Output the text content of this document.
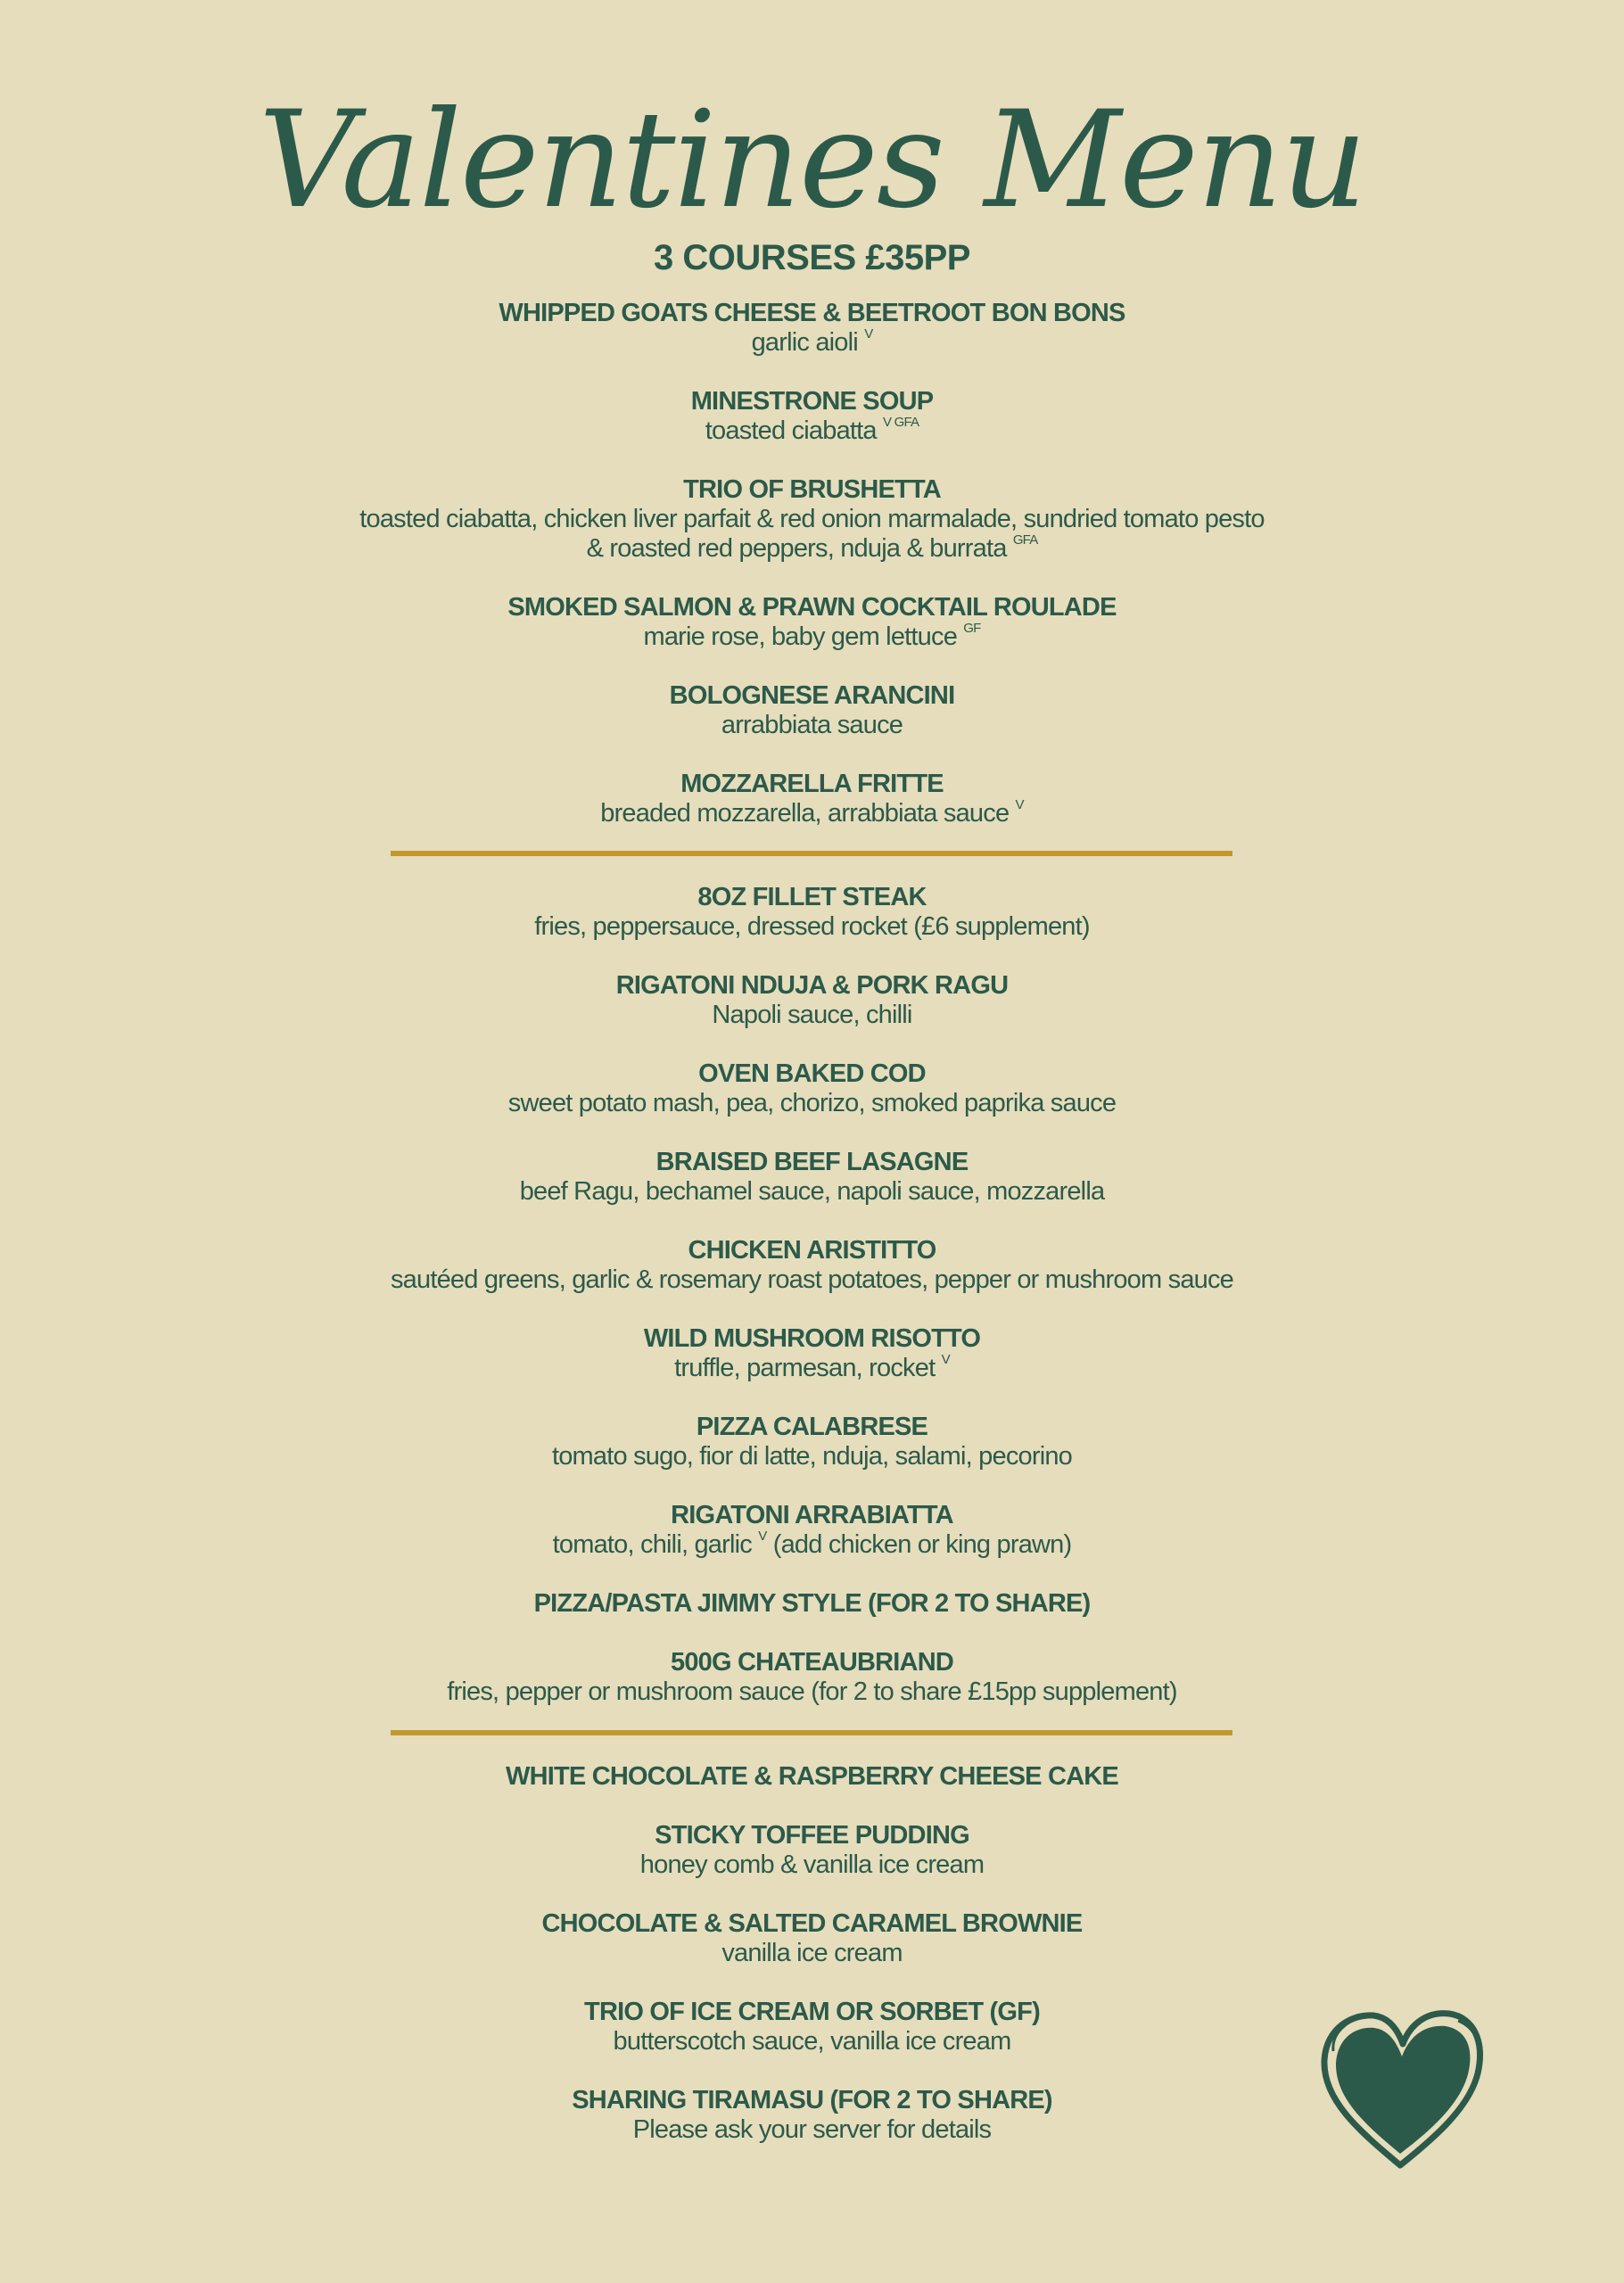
Valentines Menu
3 COURSES £35PP
WHIPPED GOATS CHEESE & BEETROOT BON BONS
garlic aioli $^V$
MINESTRONE SOUP
toasted ciabatta $^{V GFA}$
TRIO OF BRUSHETTA
toasted ciabatta, chicken liver parfait & red onion marmalade, sundried tomato pesto
& roasted red peppers, nduja & burrata $^{GFA}$
SMOKED SALMON & PRAWN COCKTAIL ROULADE
marie rose, baby gem lettuce $^{GF}$
BOLOGNESE ARANCINI
arrabbiata sauce
MOZZARELLA FRITTE
breaded mozzarella, arrabbiata sauce $^V$
8OZ FILLET STEAK
fries, peppersauce, dressed rocket (£6 supplement)
RIGATONI NDUJA & PORK RAGU
Napoli sauce, chilli
OVEN BAKED COD
sweet potato mash, pea, chorizo, smoked paprika sauce
BRAISED BEEF LASAGNE
beef Ragu, bechamel sauce, napoli sauce, mozzarella
CHICKEN ARISTITTO
sautéed greens, garlic & rosemary roast potatoes, pepper or mushroom sauce
WILD MUSHROOM RISOTTO
truffle, parmesan, rocket $^V$
PIZZA CALABRESE
tomato sugo, fior di latte, nduja, salami, pecorino
RIGATONI ARRABIATTA
tomato, chili, garlic $^V$ (add chicken or king prawn)
PIZZA/PASTA JIMMY STYLE (FOR 2 TO SHARE)
500G CHATEAUBRIAND
fries, pepper or mushroom sauce (for 2 to share £15pp supplement)
WHITE CHOCOLATE & RASPBERRY CHEESE CAKE
STICKY TOFFEE PUDDING
honey comb & vanilla ice cream
CHOCOLATE & SALTED CARAMEL BROWNIE
vanilla ice cream
TRIO OF ICE CREAM OR SORBET (GF)
butterscotch sauce, vanilla ice cream
SHARING TIRAMASU (FOR 2 TO SHARE)
Please ask your server for details
